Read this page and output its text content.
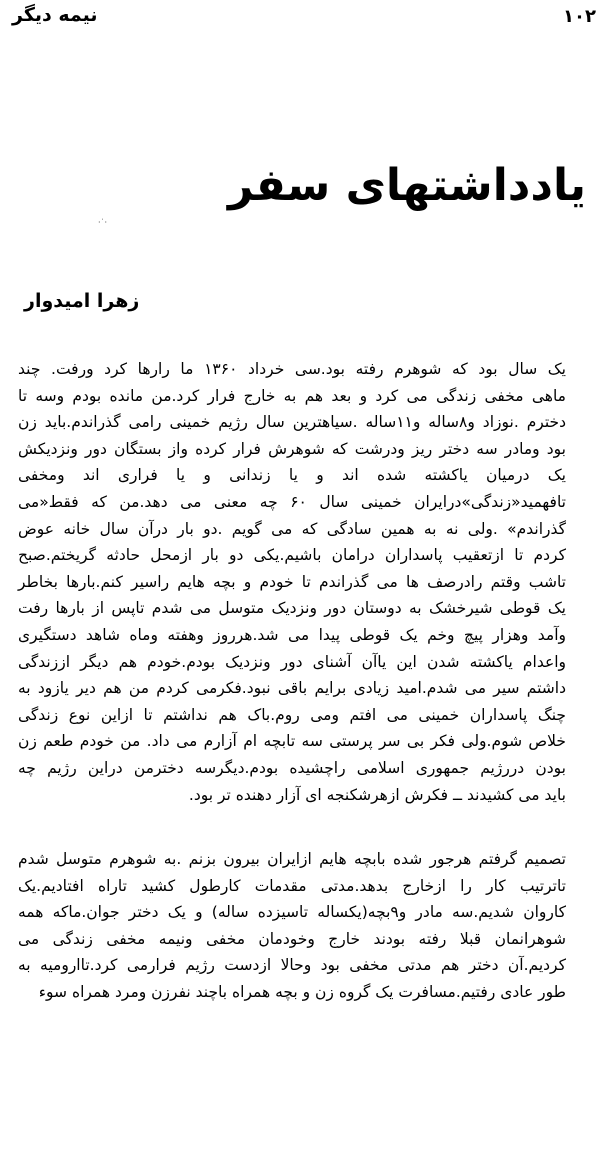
نیمه دیگر	۱۰۲
·˙·
یادداشتهای سفر
زهرا امیدوار

یک سال بود که شوهرم رفته بود.سی خرداد ۱۳۶۰ ما رارها کرد ورفت. چند
ماهی مخفی زندگی می کرد و بعد هم به خارج فرار کرد.من مانده بودم وسه تا
دخترم .نوزاد و۸ساله و۱۱ساله .سیاهترین سال رژیم خمینی رامی گذراندم.باید زن
بود ومادر سه دختر ریز ودرشت که شوهرش فرار کرده واز بستگان دور ونزدیکش
یک درمیان یاکشته شده اند و یا زندانی و یا فراری اند ومخفی
تافهمید«زندگی»درایران خمینی سال ۶۰ چه معنی می دهد.من که فقط«می
گذراندم» .ولی نه به همین سادگی که می گویم .دو بار درآن سال خانه عوض
کردم تا ازتعقیب پاسداران درامان باشیم.یکی دو بار ازمحل حادثه گریختم.صبح
تاشب وقتم رادرصف ها می گذراندم تا خودم و بچه هایم راسیر کنم.بارها بخاطر
یک قوطی شیرخشک به دوستان دور ونزدیک متوسل می شدم تاپس از بارها رفت
وآمد وهزار پیچ وخم یک قوطی پیدا می شد.هرروز وهفته وماه شاهد دستگیری
واعدام یاکشته شدن این یاآن آشنای دور ونزدیک بودم.خودم هم دیگر اززندگی
داشتم سیر می شدم.امید زیادی برایم باقی نبود.فکرمی کردم من هم دیر یازود به
چنگ پاسداران خمینی می افتم ومی روم.باک هم نداشتم تا ازاین نوع زندگی
خلاص شوم.ولی فکر بی سر پرستی سه تابچه ام آزارم می داد. من خودم طعم زن
بودن دررژیم جمهوری اسلامی راچشیده بودم.دیگرسه دخترمن دراین رژیم چه
باید می کشیدند ــ فکرش ازهرشکنجه ای آزار دهنده تر بود.

تصمیم گرفتم هرجور شده بابچه هایم ازایران بیرون بزنم .به شوهرم متوسل شدم
تاترتیب کار را ازخارج بدهد.مدتی مقدمات کارطول کشید تاراه افتادیم.یک
کاروان شدیم.سه مادر و۹بچه(یکساله تاسیزده ساله) و یک دختر جوان.ماکه همه
شوهرانمان قبلا رفته بودند خارج وخودمان مخفی ونیمه مخفی زندگی می
کردیم.آن دختر هم مدتی مخفی بود وحالا ازدست رژیم فرارمی کرد.تاارومیه به
طور عادی رفتیم.مسافرت یک گروه زن و بچه همراه باچند نفرزن ومرد همراه سوء
